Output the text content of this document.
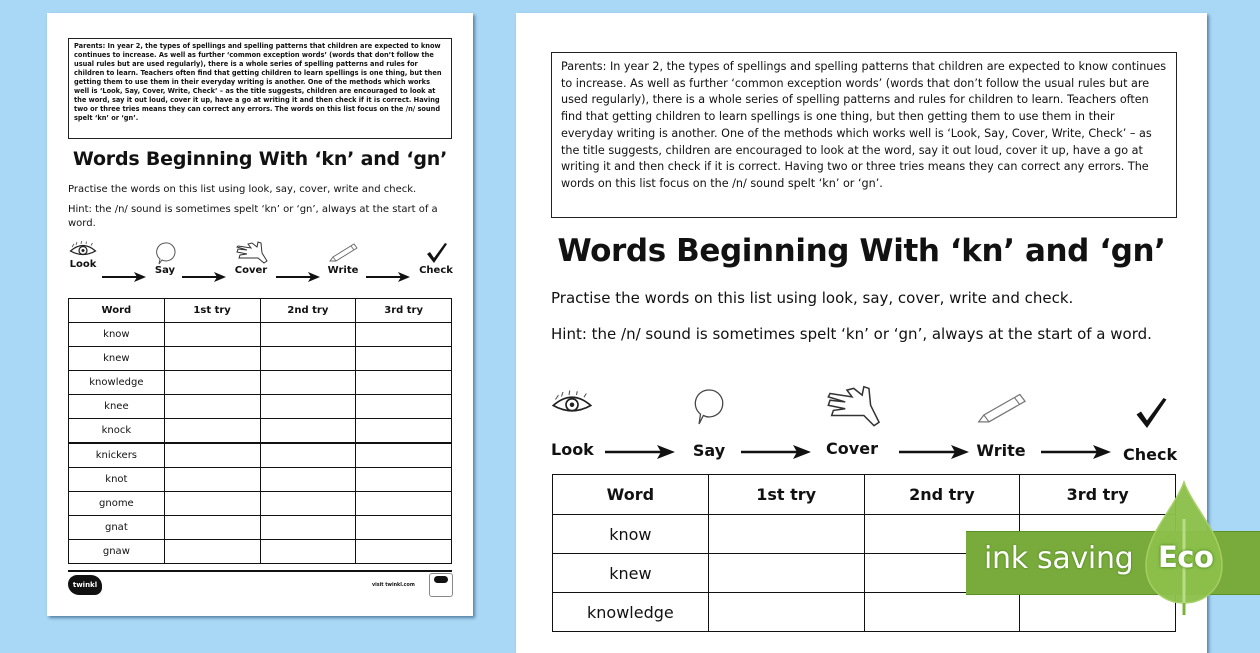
Parents: In year 2, the types of spellings and spelling patterns that children are expected to know continues to increase. As well as further ‘common exception words’ (words that don’t follow the usual rules but are used regularly), there is a whole series of spelling patterns and rules for children to learn. Teachers often find that getting children to learn spellings is one thing, but then getting them to use them in their everyday writing is another. One of the methods which works well is ‘Look, Say, Cover, Write, Check’ – as the title suggests, children are encouraged to look at the word, say it out loud, cover it up, have a go at writing it and then check if it is correct. Having two or three tries means they can correct any errors. The words on this list focus on the /n/ sound spelt ‘kn’ or ‘gn’.

Words Beginning With ‘kn’ and ‘gn’
Practise the words on this list using look, say, cover, write and check.
Hint: the /n/ sound is sometimes spelt ‘kn’ or ‘gn’, always at the start of a word.
Look
Say	Cover	Write	Check
Word	1st try	2nd try	3rd try
know			
knew			
knowledge			
knee			
knock			
knickers			
knot			
gnome			
gnat			
gnaw			
twinkl	visit twinkl.com

Parents: In year 2, the types of spellings and spelling patterns that children are expected to know continues to increase. As well as further ‘common exception words’ (words that don’t follow the usual rules but are used regularly), there is a whole series of spelling patterns and rules for children to learn. Teachers often find that getting children to learn spellings is one thing, but then getting them to use them in their everyday writing is another. One of the methods which works well is ‘Look, Say, Cover, Write, Check’ – as the title suggests, children are encouraged to look at the word, say it out loud, cover it up, have a go at writing it and then check if it is correct. Having two or three tries means they can correct any errors. The words on this list focus on the /n/ sound spelt ‘kn’ or ‘gn’.

Words Beginning With ‘kn’ and ‘gn’
Practise the words on this list using look, say, cover, write and check.
Hint: the /n/ sound is sometimes spelt ‘kn’ or ‘gn’, always at the start of a word.
Look	Say	Cover	Write	Check
Word	1st try	2nd try	3rd try
know			
knew			
knowledge			
ink saving Eco
